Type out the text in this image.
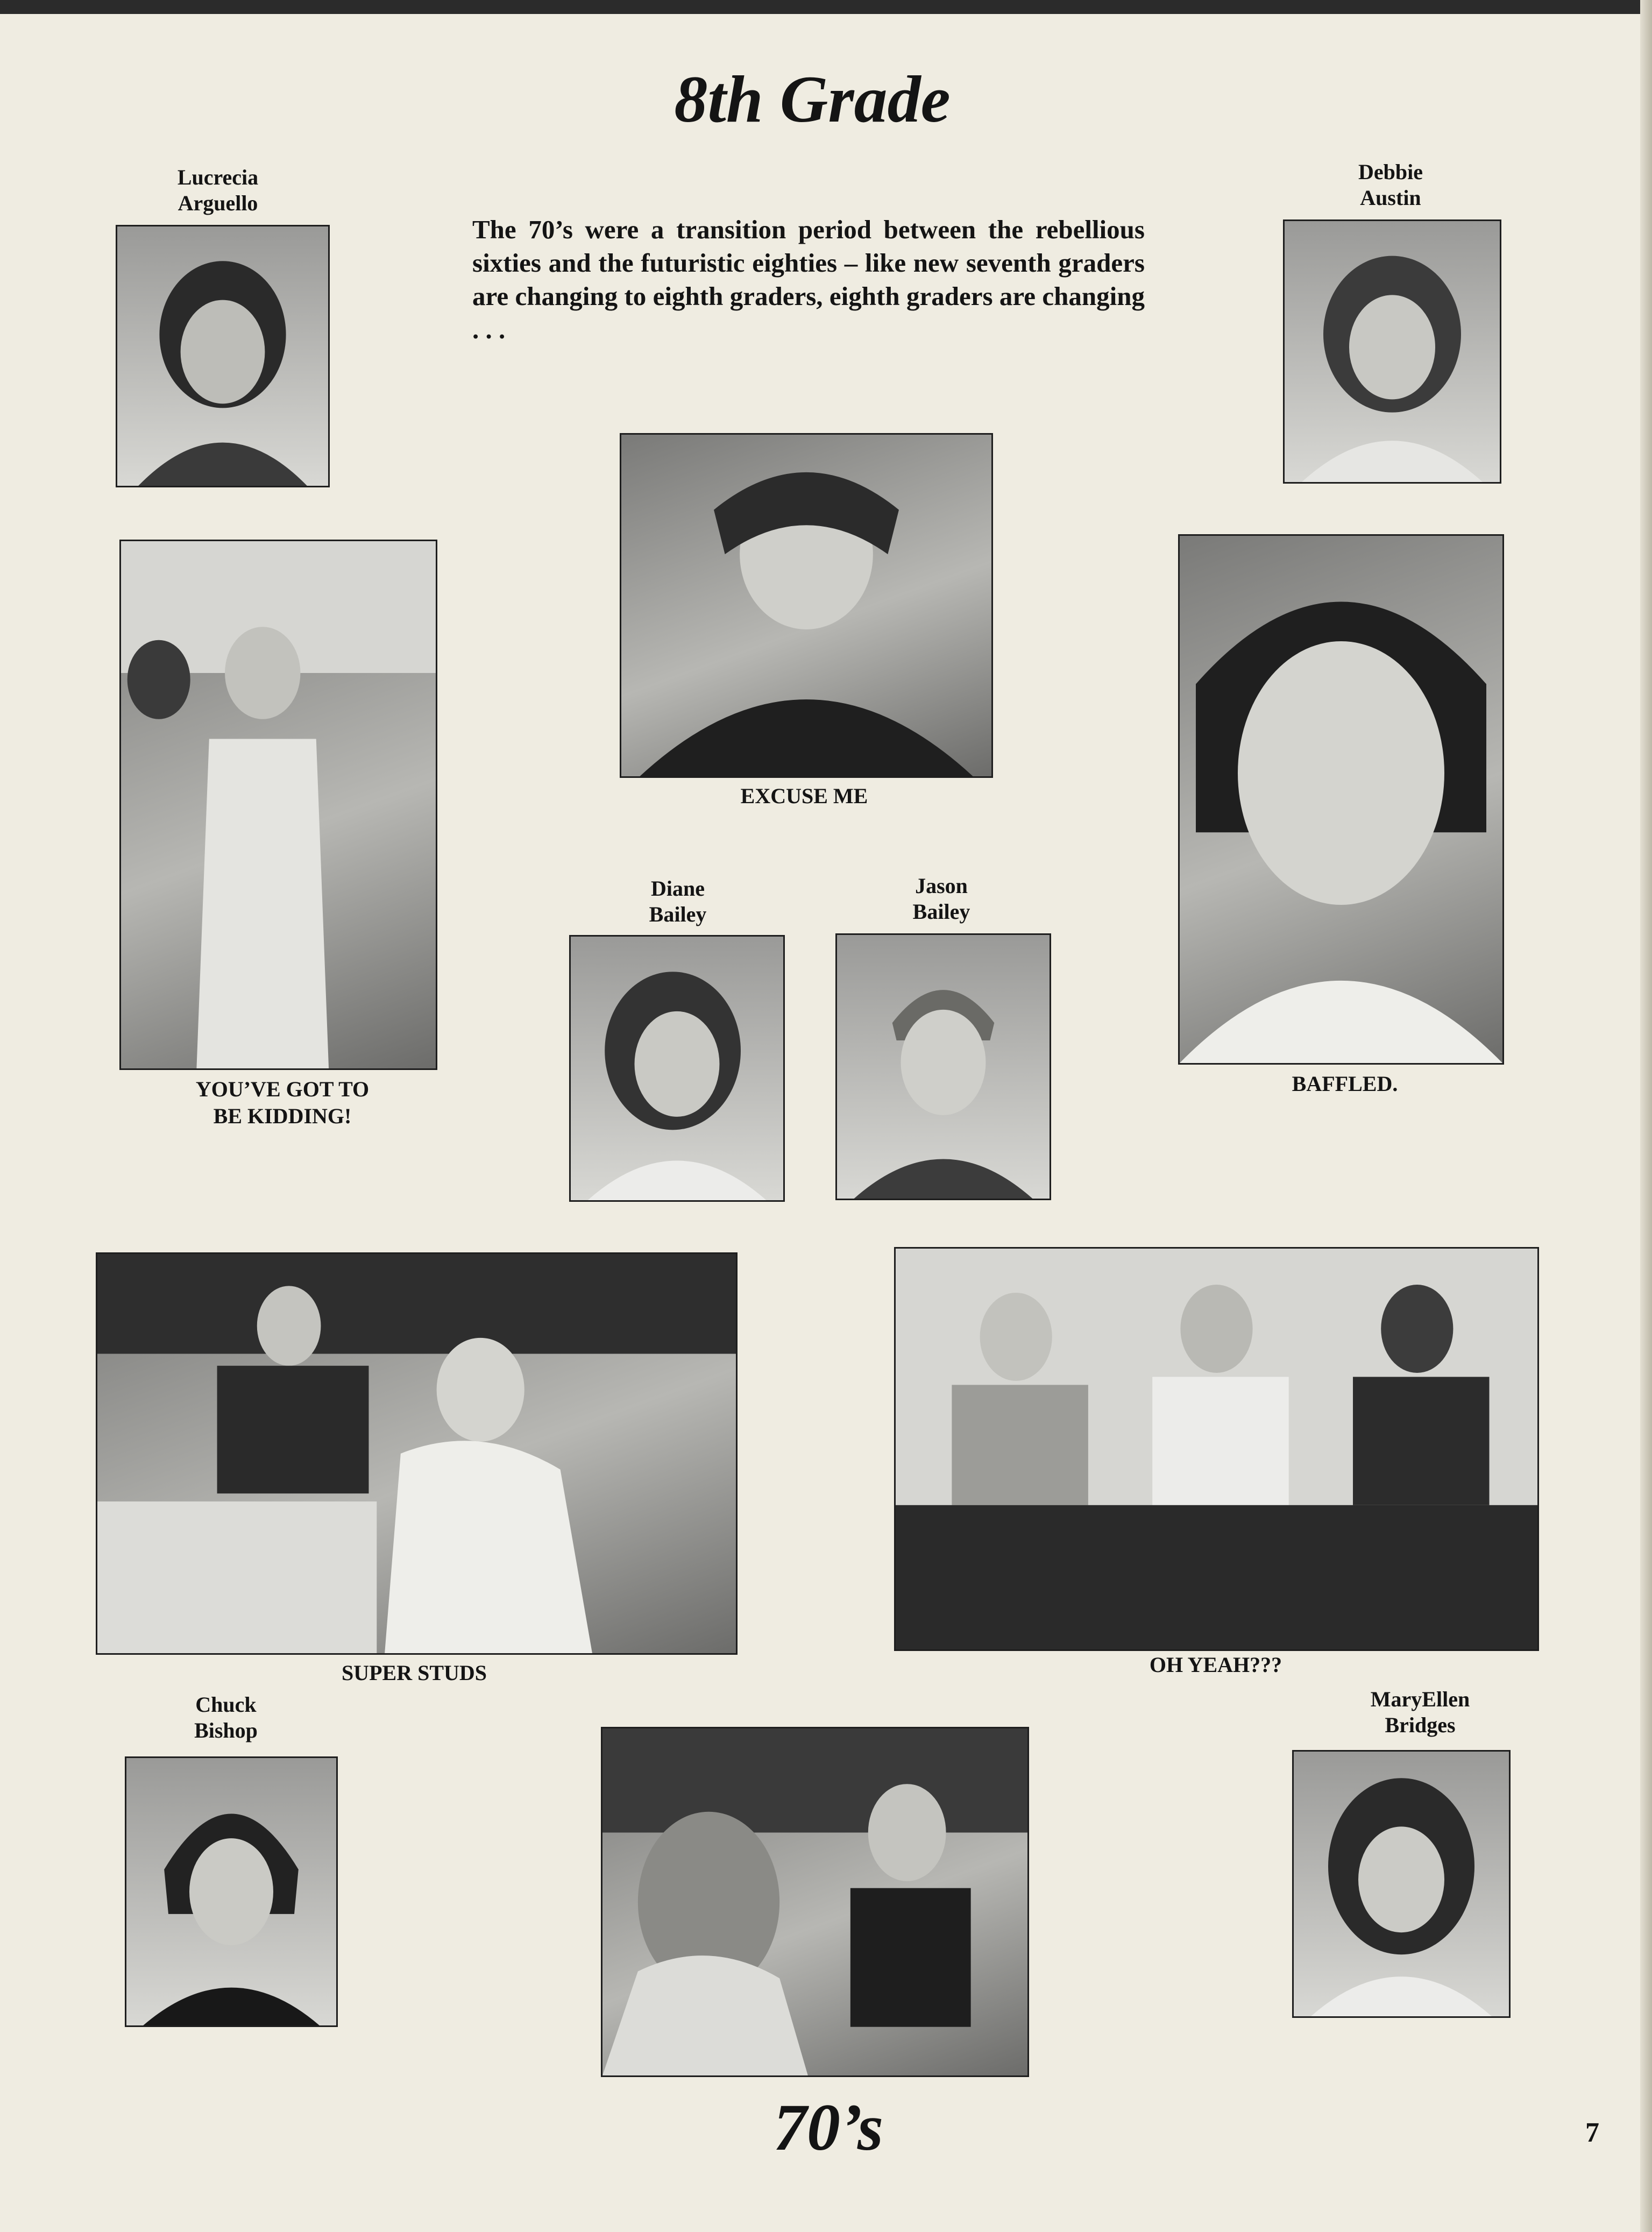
8th Grade
The 70’s were a transition period between the rebellious sixties and the futuristic eighties – like new seventh graders are changing to eighth graders, eighth graders are changing . . .
Lucrecia
Arguello
Debbie
Austin
EXCUSE ME
YOU’VE GOT TO
BE KIDDING!
BAFFLED.
Diane
Bailey
Jason
Bailey
SUPER STUDS	OH YEAH???
Chuck
Bishop
MaryEllen
Bridges
70’s	7
